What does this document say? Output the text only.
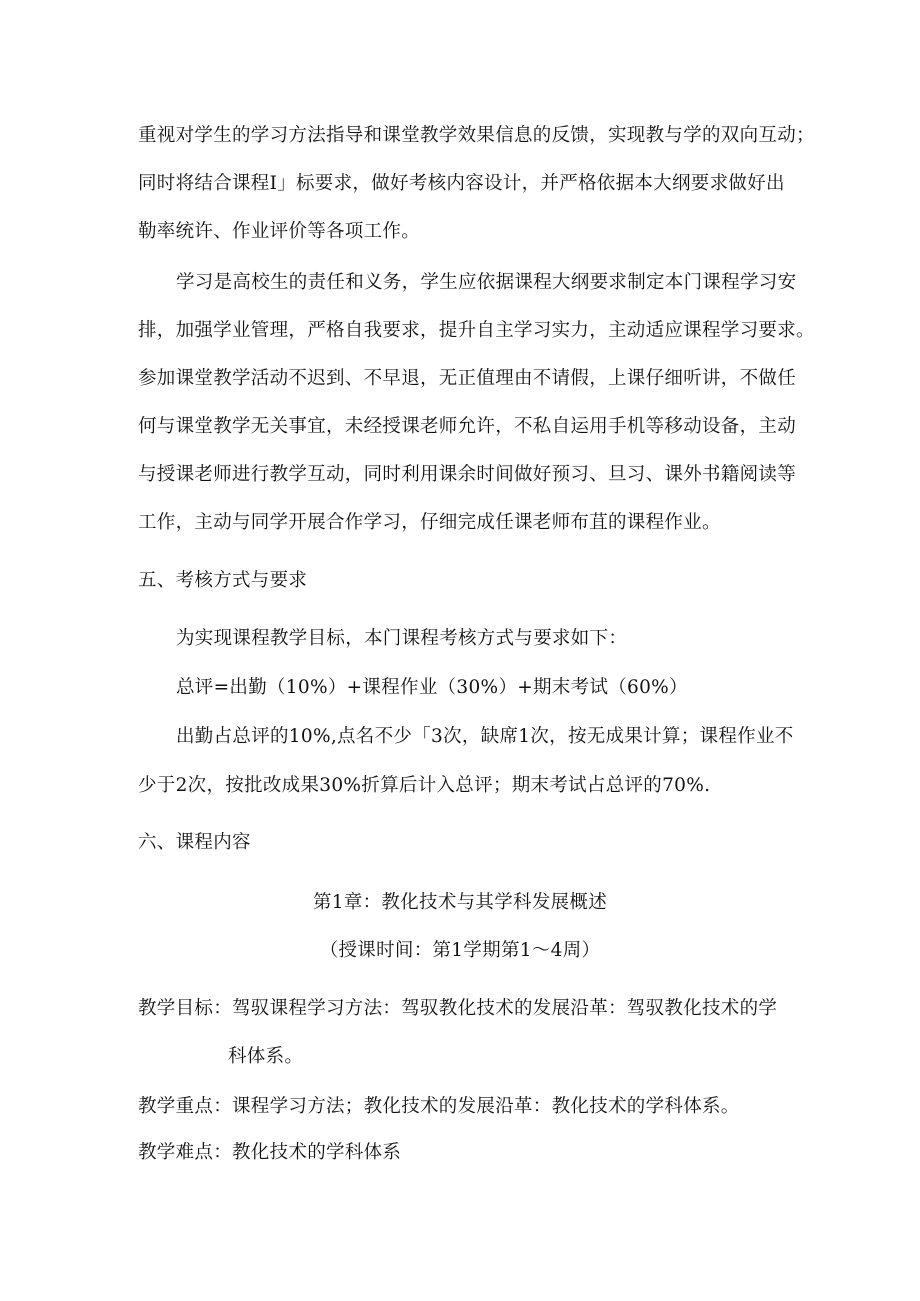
重视对学生的学习方法指导和课堂教学效果信息的反馈，实现教与学的双向互动；
同时将结合课程I」标要求，做好考核内容设计，并严格依据本大纲要求做好出
勒率统许、作业评价等各项工作。
学习是高校生的责任和义务，学生应依据课程大纲要求制定本门课程学习安
排，加强学业管理，严格自我要求，提升自主学习实力，主动适应课程学习要求。
参加课堂教学活动不迟到、不早退，无正值理由不请假，上课仔细听讲，不做任
何与课堂教学无关事宜，未经授课老师允许，不私自运用手机等移动设备，主动
与授课老师进行教学互动，同时利用课余时间做好预习、旦习、课外书籍阅读等
工作，主动与同学开展合作学习，仔细完成任课老师布苴的课程作业。
五、考核方式与要求
为实现课程教学目标，本门课程考核方式与要求如下：
总评=出勤（10%）+课程作业（30%）+期末考试（60%）
出勤占总评的10%,点名不少「3次，缺席1次，按无成果计算；课程作业不
少于2次，按批改成果30%折算后计入总评；期末考试占总评的70%.
六、课程内容
第1章：教化技术与其学科发展概述
（授课时间：第1学期第1～4周）
教学目标：驾驭课程学习方法：驾驭教化技术的发展沿革：驾驭教化技术的学
科体系。
教学重点：课程学习方法；教化技术的发展沿革：教化技术的学科体系。
教学难点：教化技术的学科体系
